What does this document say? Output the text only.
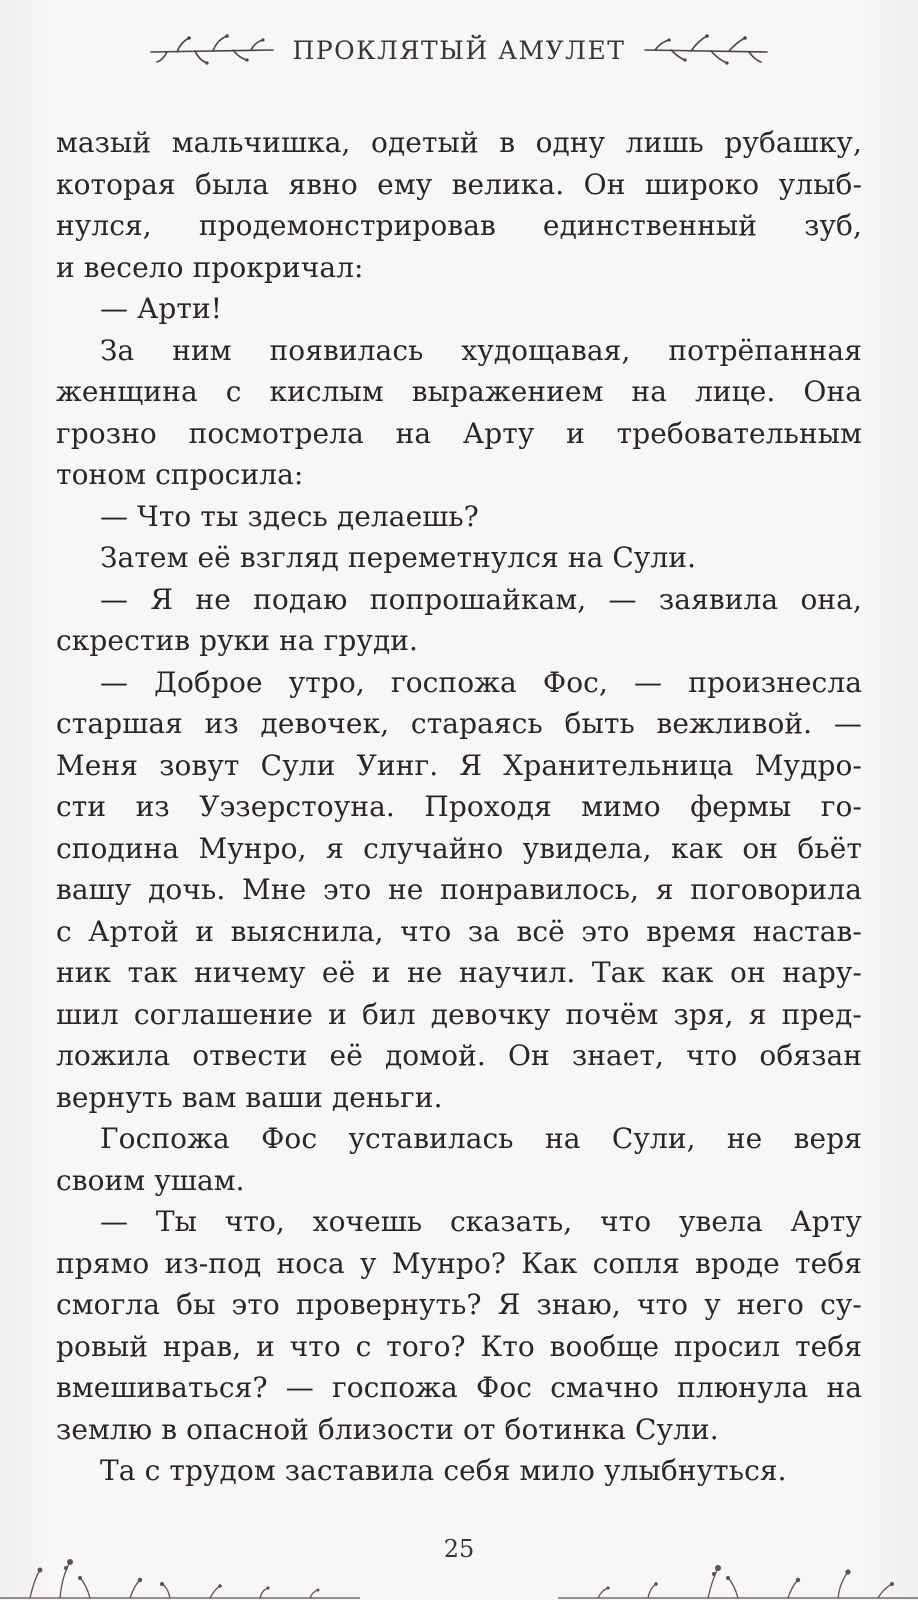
ПРОКЛЯТЫЙ АМУЛЕТ
мазый мальчишка, одетый в одну лишь рубашку,
которая была явно ему велика. Он широко улыб-
нулся, продемонстрировав единственный зуб,
и весело прокричал:
— Арти!
За ним появилась худощавая, потрёпанная
женщина с кислым выражением на лице. Она
грозно посмотрела на Арту и требовательным
тоном спросила:
— Что ты здесь делаешь?
Затем её взгляд переметнулся на Сули.
— Я не подаю попрошайкам, — заявила она,
скрестив руки на груди.
— Доброе утро, госпожа Фос, — произнесла
старшая из девочек, стараясь быть вежливой. —
Меня зовут Сули Уинг. Я Хранительница Мудро-
сти из Уэзерстоуна. Проходя мимо фермы го-
сподина Мунро, я случайно увидела, как он бьёт
вашу дочь. Мне это не понравилось, я поговорила
с Артой и выяснила, что за всё это время настав-
ник так ничему её и не научил. Так как он нару-
шил соглашение и бил девочку почём зря, я пред-
ложила отвести её домой. Он знает, что обязан
вернуть вам ваши деньги.
Госпожа Фос уставилась на Сули, не веря
своим ушам.
— Ты что, хочешь сказать, что увела Арту
прямо из-под носа у Мунро? Как сопля вроде тебя
смогла бы это провернуть? Я знаю, что у него су-
ровый нрав, и что с того? Кто вообще просил тебя
вмешиваться? — госпожа Фос смачно плюнула на
землю в опасной близости от ботинка Сули.
Та с трудом заставила себя мило улыбнуться.
25
